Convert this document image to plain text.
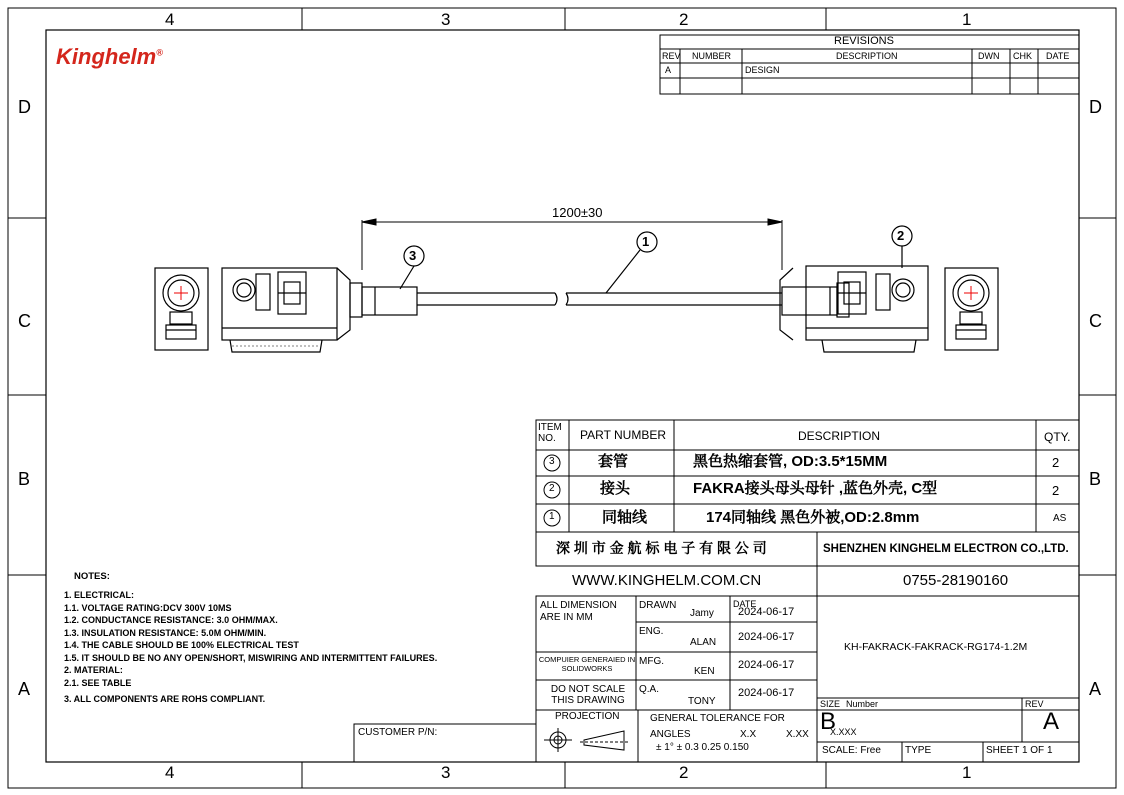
4	3	2	1
4	3	2	1
D
C
B
A
D
C
B
A
Kinghelm®
REVISIONS
REV NUMBER	DESCRIPTION	DWN CHK DATE
A	DESIGN
1200±30
1	2
3
ITEM NO.	PART NUMBER	DESCRIPTION	QTY.
3	套管	黑色热缩套管, OD:3.5*15MM	2
2	接头	FAKRA接头母头母针 ,蓝色外壳, C型	2
1	同轴线	174同轴线 黑色外被,OD:2.8mm	AS
深 圳 市 金 航 标 电 子 有 限 公 司	SHENZHEN KINGHELM ELECTRON CO.,LTD.
WWW.KINGHELM.COM.CN	0755-28190160
ALL DIMENSION ARE IN MM
DRAWN
Jamy
DATE
2024-06-17
ENG.
ALAN 2024-06-17
COMPUIER GENERAIED IN SOLIDWORKS
MFG.
KEN
2024-06-17
DO NOT SCALE THIS DRAWING
Q.A.
TONY
2024-06-17
PROJECTION	GENERAL TOLERANCE FOR
ANGLES	X.X	X.XX
± 1° ± 0.3 0.25 0.150
KH-FAKRACK-FAKRACK-RG174-1.2M
SIZE Number
B
X.XXX
REV
A
SCALE: Free TYPE	SHEET 1 OF 1
CUSTOMER P/N:
NOTES:
1. ELECTRICAL:
1.1. VOLTAGE RATING:DCV 300V 10MS
1.2. CONDUCTANCE RESISTANCE: 3.0 OHM/MAX.
1.3. INSULATION RESISTANCE: 5.0M OHM/MIN.
1.4. THE CABLE SHOULD BE 100% ELECTRICAL TEST
1.5. IT SHOULD BE NO ANY OPEN/SHORT, MISWIRING AND INTERMITTENT FAILURES.
2. MATERIAL:
2.1. SEE TABLE
3. ALL COMPONENTS ARE ROHS COMPLIANT.
